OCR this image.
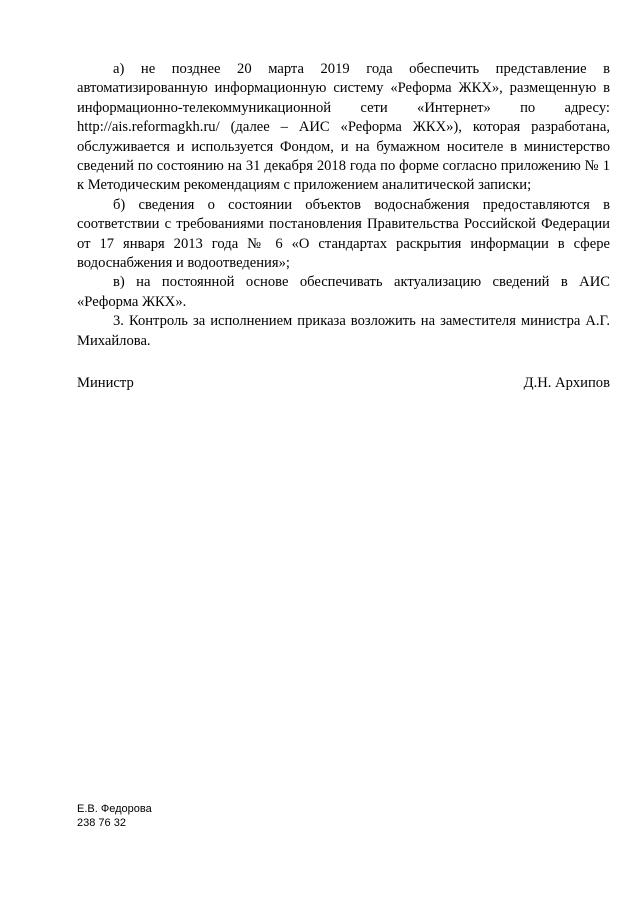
а) не позднее 20 марта 2019 года обеспечить представление в автоматизированную информационную систему «Реформа ЖКХ», размещенную в информационно-телекоммуникационной сети «Интернет» по адресу: http://ais.reformagkh.ru/ (далее – АИС «Реформа ЖКХ»), которая разработана, обслуживается и используется Фондом, и на бумажном носителе в министерство сведений по состоянию на 31 декабря 2018 года по форме согласно приложению № 1 к Методическим рекомендациям с приложением аналитической записки;

б) сведения о состоянии объектов водоснабжения предоставляются в соответствии с требованиями постановления Правительства Российской Федерации от 17 января 2013 года № 6 «О стандартах раскрытия информации в сфере водоснабжения и водоотведения»;

в) на постоянной основе обеспечивать актуализацию сведений в АИС «Реформа ЖКХ».

3. Контроль за исполнением приказа возложить на заместителя министра А.Г. Михайлова.

Министр	Д.Н. Архипов
Е.В. Федорова
238 76 32
